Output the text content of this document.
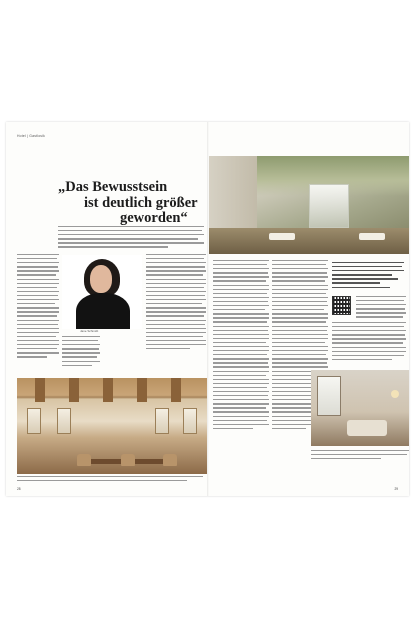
Hotel | Gastlosik
„Das Bewusstsein
ist deutlich größer
geworden“
Jane Schmidt
28	29
